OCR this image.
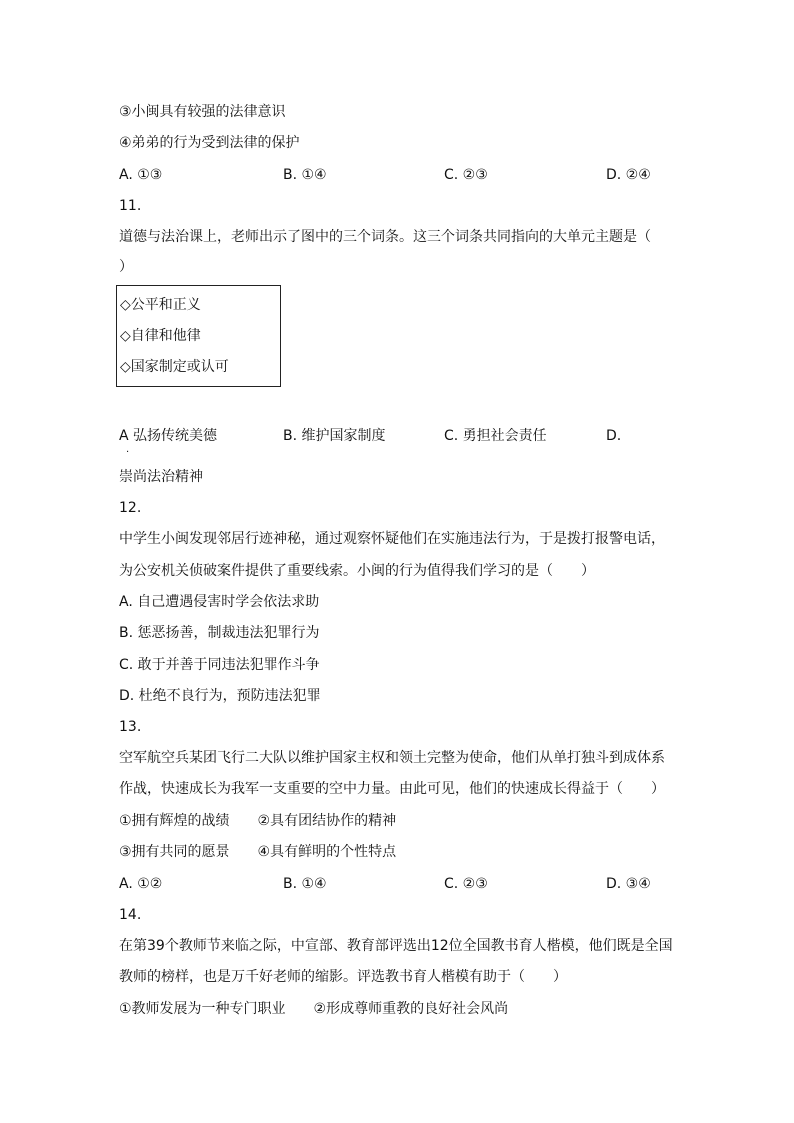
③小闽具有较强的法律意识
④弟弟的行为受到法律的保护
A. ①③	B. ①④	C. ②③	D. ②④
11.
道德与法治课上，老师出示了图中的三个词条。这三个词条共同指向的大单元主题是（
）
◇公平和正义
◇自律和他律
◇国家制定或认可
A 弘扬传统美德
.
B. 维护国家制度	C. 勇担社会责任	D.
崇尚法治精神
12.
中学生小闽发现邻居行迹神秘，通过观察怀疑他们在实施违法行为，于是拨打报警电话，
为公安机关侦破案件提供了重要线索。小闽的行为值得我们学习的是（　　）
A. 自己遭遇侵害时学会依法求助
B. 惩恶扬善，制裁违法犯罪行为
C. 敢于并善于同违法犯罪作斗争
D. 杜绝不良行为，预防违法犯罪
13.
空军航空兵某团飞行二大队以维护国家主权和领土完整为使命，他们从单打独斗到成体系
作战，快速成长为我军一支重要的空中力量。由此可见，他们的快速成长得益于（　　）
①拥有辉煌的战绩　　②具有团结协作的精神
③拥有共同的愿景　　④具有鲜明的个性特点
A. ①②	B. ①④	C. ②③	D. ③④
14.
在第39个教师节来临之际，中宣部、教育部评选出12位全国教书育人楷模，他们既是全国
教师的榜样，也是万千好老师的缩影。评选教书育人楷模有助于（　　）
①教师发展为一种专门职业　　②形成尊师重教的良好社会风尚
